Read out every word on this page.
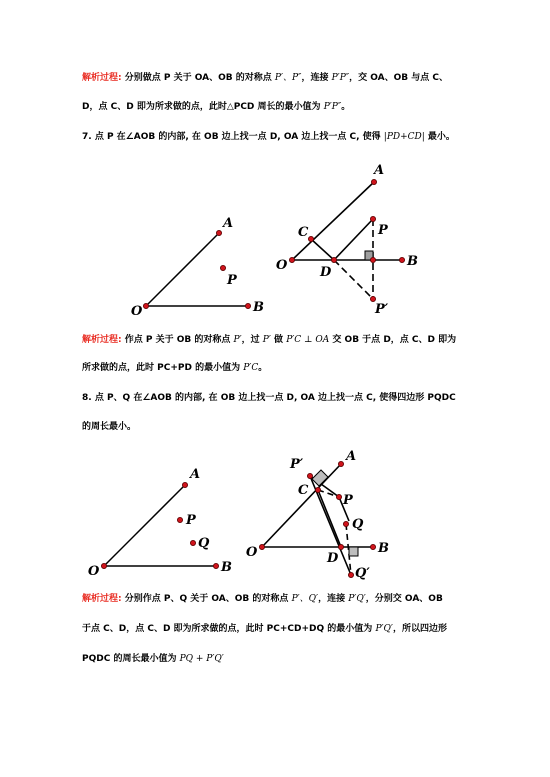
解析过程: 分别做点 P 关于 OA、OB 的对称点 P′、P″，连接 P′P″，交 OA、OB 与点 C、
D，点 C、D 即为所求做的点，此时△PCD 周长的最小值为 P′P″。
7. 点 P 在∠AOB 的内部, 在 OB 边上找一点 D, OA 边上找一点 C, 使得 |PD+CD| 最小。
A
P
O	B
A
C	P
O	D
B
P′
解析过程: 作点 P 关于 OB 的对称点 P′，过 P′ 做 P′C ⊥ OA 交 OB 于点 D，点 C、D 即为
所求做的点，此时 PC+PD 的最小值为 P′C。
8. 点 P、Q 在∠AOB 的内部, 在 OB 边上找一点 D, OA 边上找一点 C, 使得四边形 PQDC
的周长最小。
A
P
Q
O	B
P′
A
C
P
Q
O	D
B
Q′
解析过程: 分别作点 P、Q 关于 OA、OB 的对称点 P′、Q′，连接 P′Q′，分别交 OA、OB
于点 C、D，点 C、D 即为所求做的点，此时 PC+CD+DQ 的最小值为 P′Q′，所以四边形
PQDC 的周长最小值为 PQ + P′Q′
